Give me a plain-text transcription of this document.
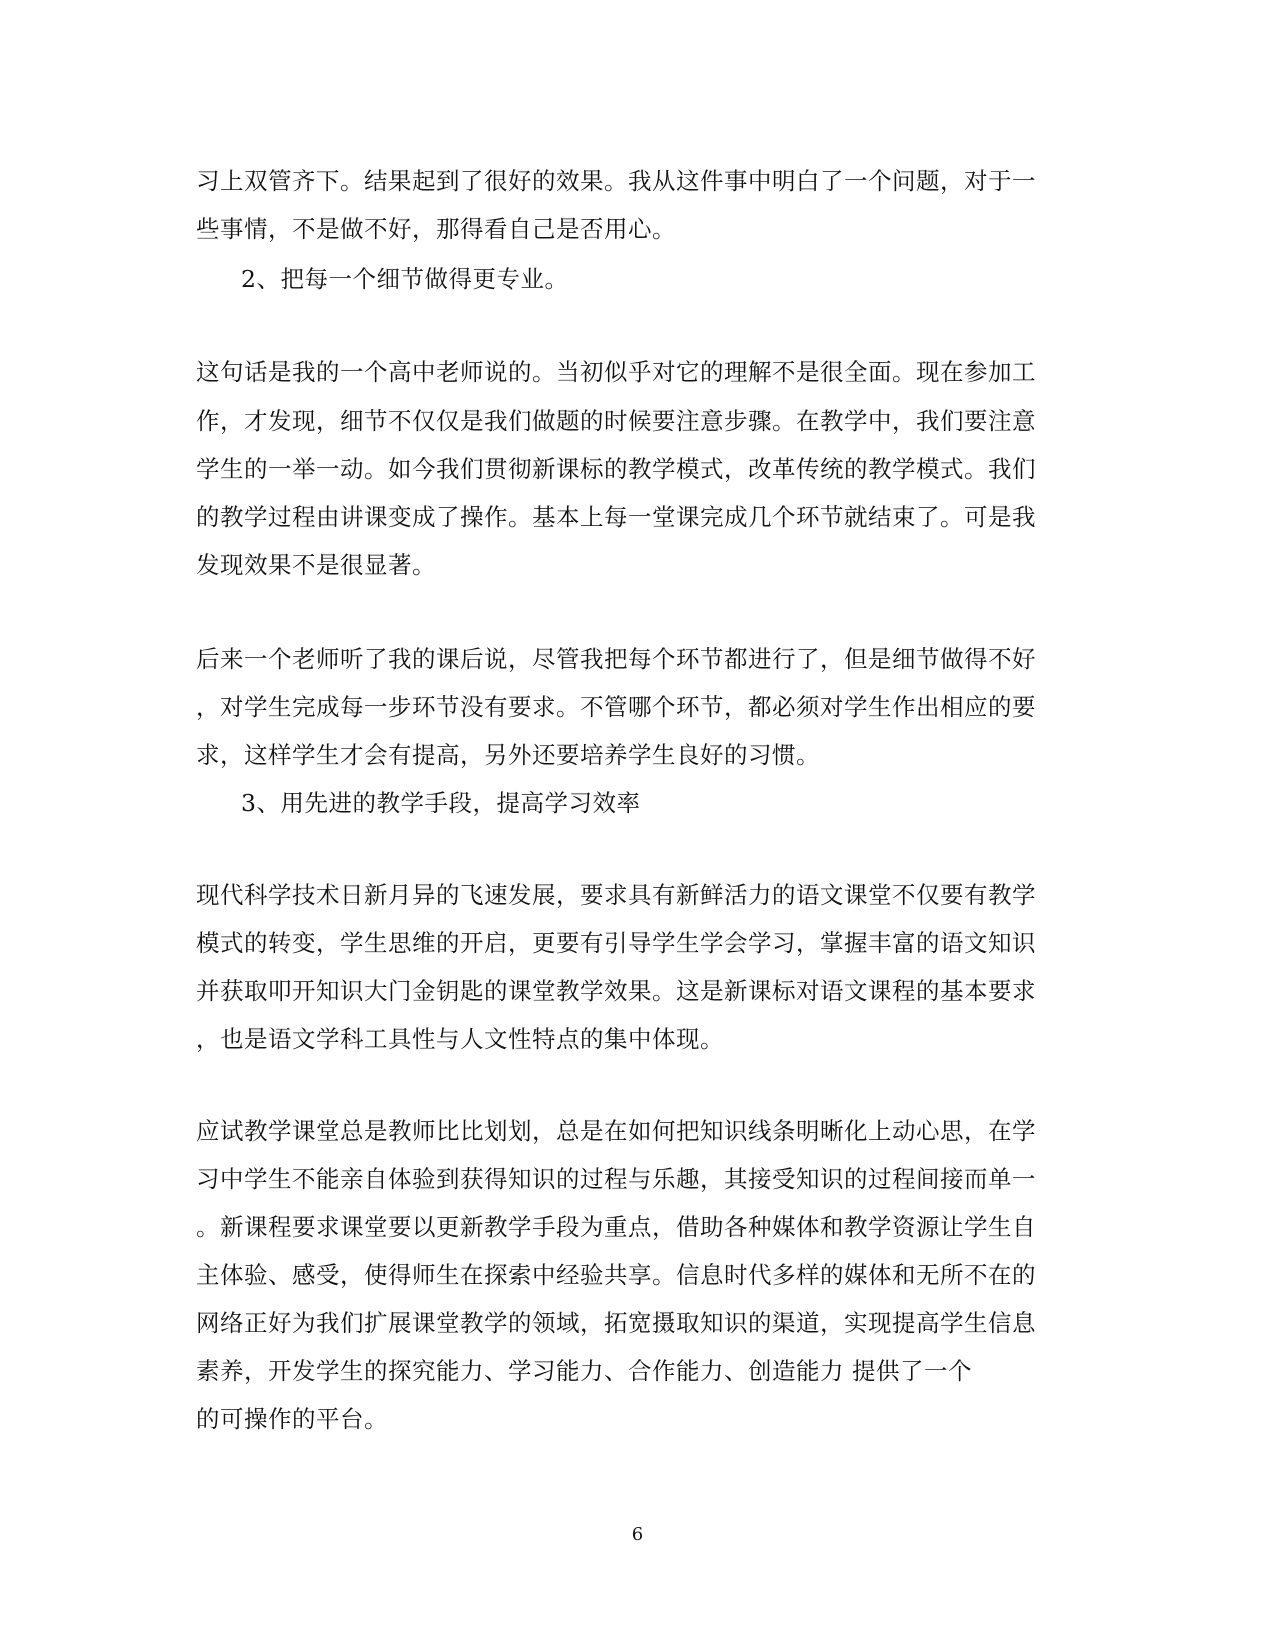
习上双管齐下。结果起到了很好的效果。我从这件事中明白了一个问题，对于一
些事情，不是做不好，那得看自己是否用心。
2、把每一个细节做得更专业。
这句话是我的一个高中老师说的。当初似乎对它的理解不是很全面。现在参加工
作，才发现，细节不仅仅是我们做题的时候要注意步骤。在教学中，我们要注意
学生的一举一动。如今我们贯彻新课标的教学模式，改革传统的教学模式。我们
的教学过程由讲课变成了操作。基本上每一堂课完成几个环节就结束了。可是我
发现效果不是很显著。
后来一个老师听了我的课后说，尽管我把每个环节都进行了，但是细节做得不好
，对学生完成每一步环节没有要求。不管哪个环节，都必须对学生作出相应的要
求，这样学生才会有提高，另外还要培养学生良好的习惯。
3、用先进的教学手段，提高学习效率
现代科学技术日新月异的飞速发展，要求具有新鲜活力的语文课堂不仅要有教学
模式的转变，学生思维的开启，更要有引导学生学会学习，掌握丰富的语文知识
并获取叩开知识大门金钥匙的课堂教学效果。这是新课标对语文课程的基本要求
，也是语文学科工具性与人文性特点的集中体现。
应试教学课堂总是教师比比划划，总是在如何把知识线条明晰化上动心思，在学
习中学生不能亲自体验到获得知识的过程与乐趣，其接受知识的过程间接而单一
。新课程要求课堂要以更新教学手段为重点，借助各种媒体和教学资源让学生自
主体验、感受，使得师生在探索中经验共享。信息时代多样的媒体和无所不在的
网络正好为我们扩展课堂教学的领域，拓宽摄取知识的渠道，实现提高学生信息
素养，开发学生的探究能力、学习能力、合作能力、创造能力 提供了一个
的可操作的平台。
6
